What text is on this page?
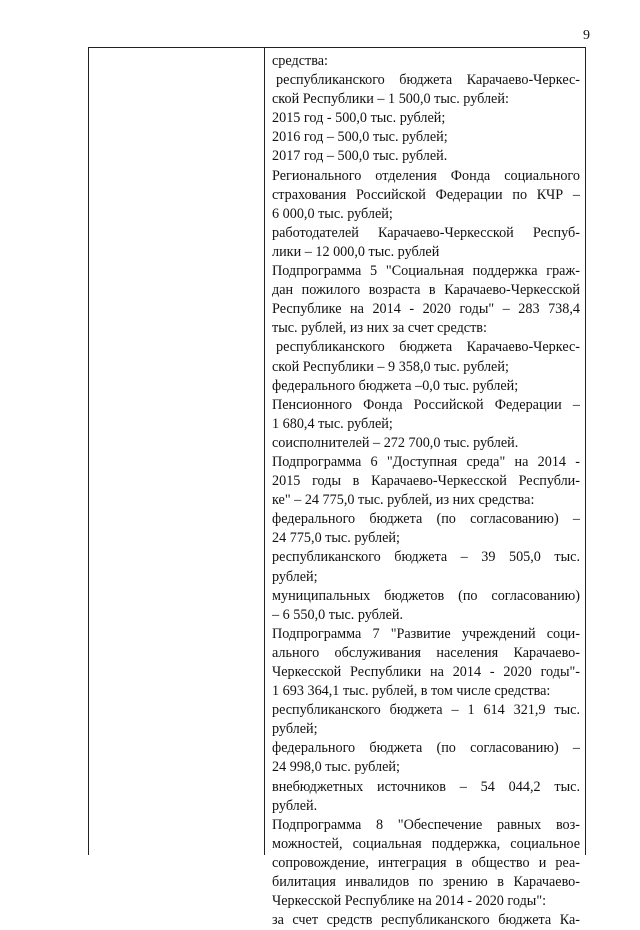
9
средства:
республиканского бюджета Карачаево-Черкес-
ской Республики – 1 500,0 тыс. рублей:
2015 год - 500,0 тыс. рублей;
2016 год – 500,0 тыс. рублей;
2017 год – 500,0 тыс. рублей.
Регионального отделения Фонда социального
страхования Российской Федерации по КЧР –
6 000,0 тыс. рублей;
работодателей Карачаево-Черкесской Респуб-
лики – 12 000,0 тыс. рублей
Подпрограмма 5 "Социальная поддержка граж-
дан пожилого возраста в Карачаево-Черкесской
Республике на 2014 - 2020 годы" – 283 738,4
тыс. рублей, из них за счет средств:
республиканского бюджета Карачаево-Черкес-
ской Республики – 9 358,0 тыс. рублей;
федерального бюджета –0,0 тыс. рублей;
Пенсионного Фонда Российской Федерации –
1 680,4 тыс. рублей;
соисполнителей – 272 700,0 тыс. рублей.
Подпрограмма 6 "Доступная среда" на 2014 -
2015 годы в Карачаево-Черкесской Республи-
ке" – 24 775,0 тыс. рублей, из них средства:
федерального бюджета (по согласованию) –
24 775,0 тыс. рублей;
республиканского бюджета – 39 505,0 тыс.
рублей;
муниципальных бюджетов (по согласованию)
– 6 550,0 тыс. рублей.
Подпрограмма 7 "Развитие учреждений соци-
ального обслуживания населения Карачаево-
Черкесской Республики на 2014 - 2020 годы"-
1 693 364,1 тыс. рублей, в том числе средства:
республиканского бюджета – 1 614 321,9 тыс.
рублей;
федерального бюджета (по согласованию) –
24 998,0 тыс. рублей;
внебюджетных источников – 54 044,2 тыс.
рублей.
Подпрограмма 8 "Обеспечение равных воз-
можностей, социальная поддержка, социальное
сопровождение, интеграция в общество и реа-
билитация инвалидов по зрению в Карачаево-
Черкесской Республике на 2014 - 2020 годы":
за счет средств республиканского бюджета Ка-
